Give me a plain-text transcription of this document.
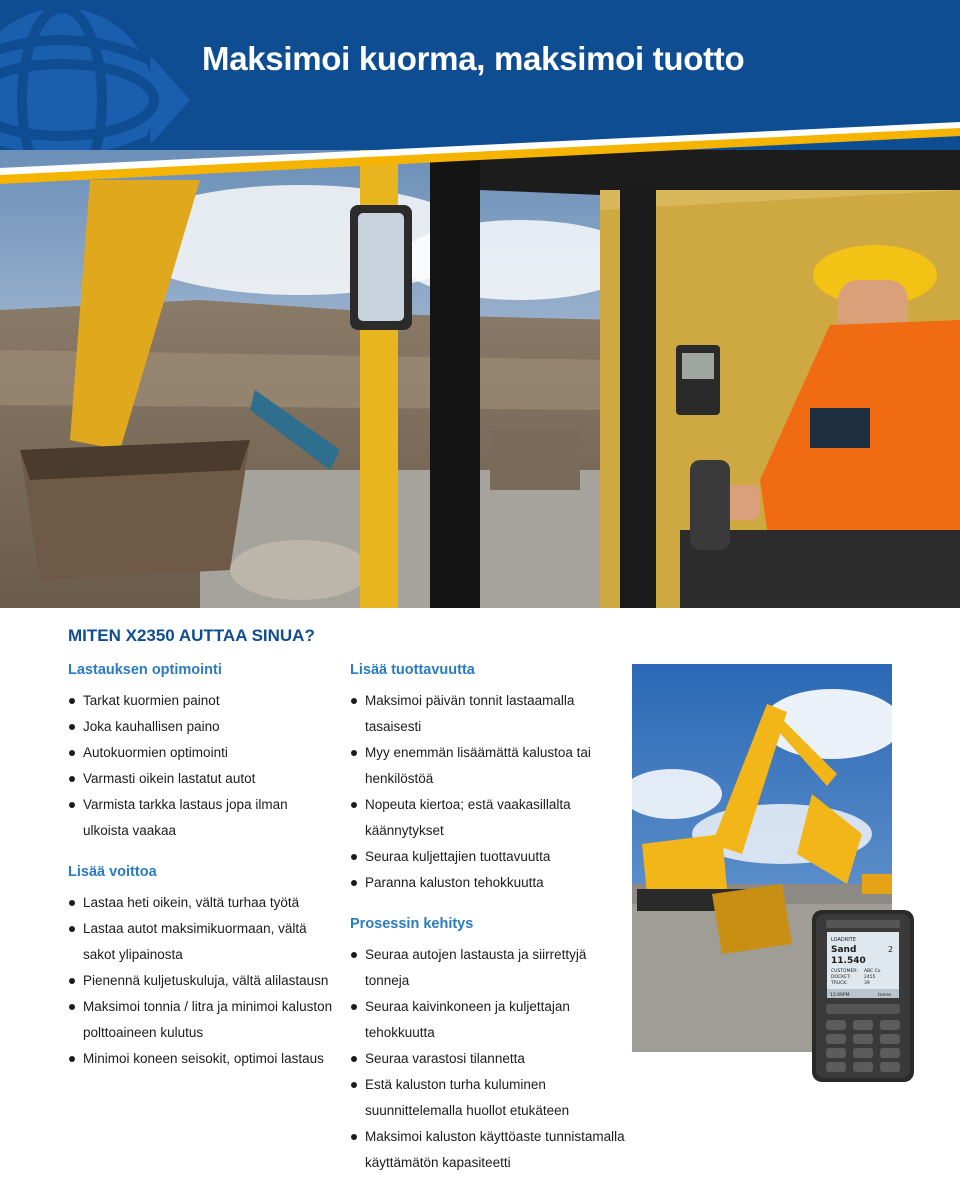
Maksimoi kuorma, maksimoi tuotto
MITEN X2350 AUTTAA SINUA?
Lastauksen optimointi
Tarkat kuormien painot
Joka kauhallisen paino
Autokuormien optimointi
Varmasti oikein lastatut autot
Varmista tarkka lastaus jopa ilman ulkoista vaakaa
Lisää voittoa
Lastaa heti oikein, vältä turhaa työtä
Lastaa autot maksimikuormaan, vältä sakot ylipainosta
Pienennä kuljetuskuluja, vältä alilastausn
Maksimoi tonnia / litra ja minimoi kaluston polttoaineen kulutus
Minimoi koneen seisokit, optimoi lastaus
Lisää tuottavuutta
Maksimoi päivän tonnit lastaamalla tasaisesti
Myy enemmän lisäämättä kalustoa tai henkilöstöä
Nopeuta kiertoa; estä vaakasillalta käännytykset
Seuraa kuljettajien tuottavuutta
Paranna kaluston tehokkuutta
Prosessin kehitys
Seuraa autojen lastausta ja siirrettyjä tonneja
Seuraa kaivinkoneen ja kuljettajan tehokkuutta
Seuraa varastosi tilannetta
Estä kaluston turha kuluminen suunnittelemalla huollot etukäteen
Maksimoi kaluston käyttöaste tunnistamalla käyttämätön kapasiteetti
LOADRITE
Sand	2
11.540
CUSTOMER: ABC Co
DOCKET:	2455
TRUCK:	39
12:06PM	tonne
